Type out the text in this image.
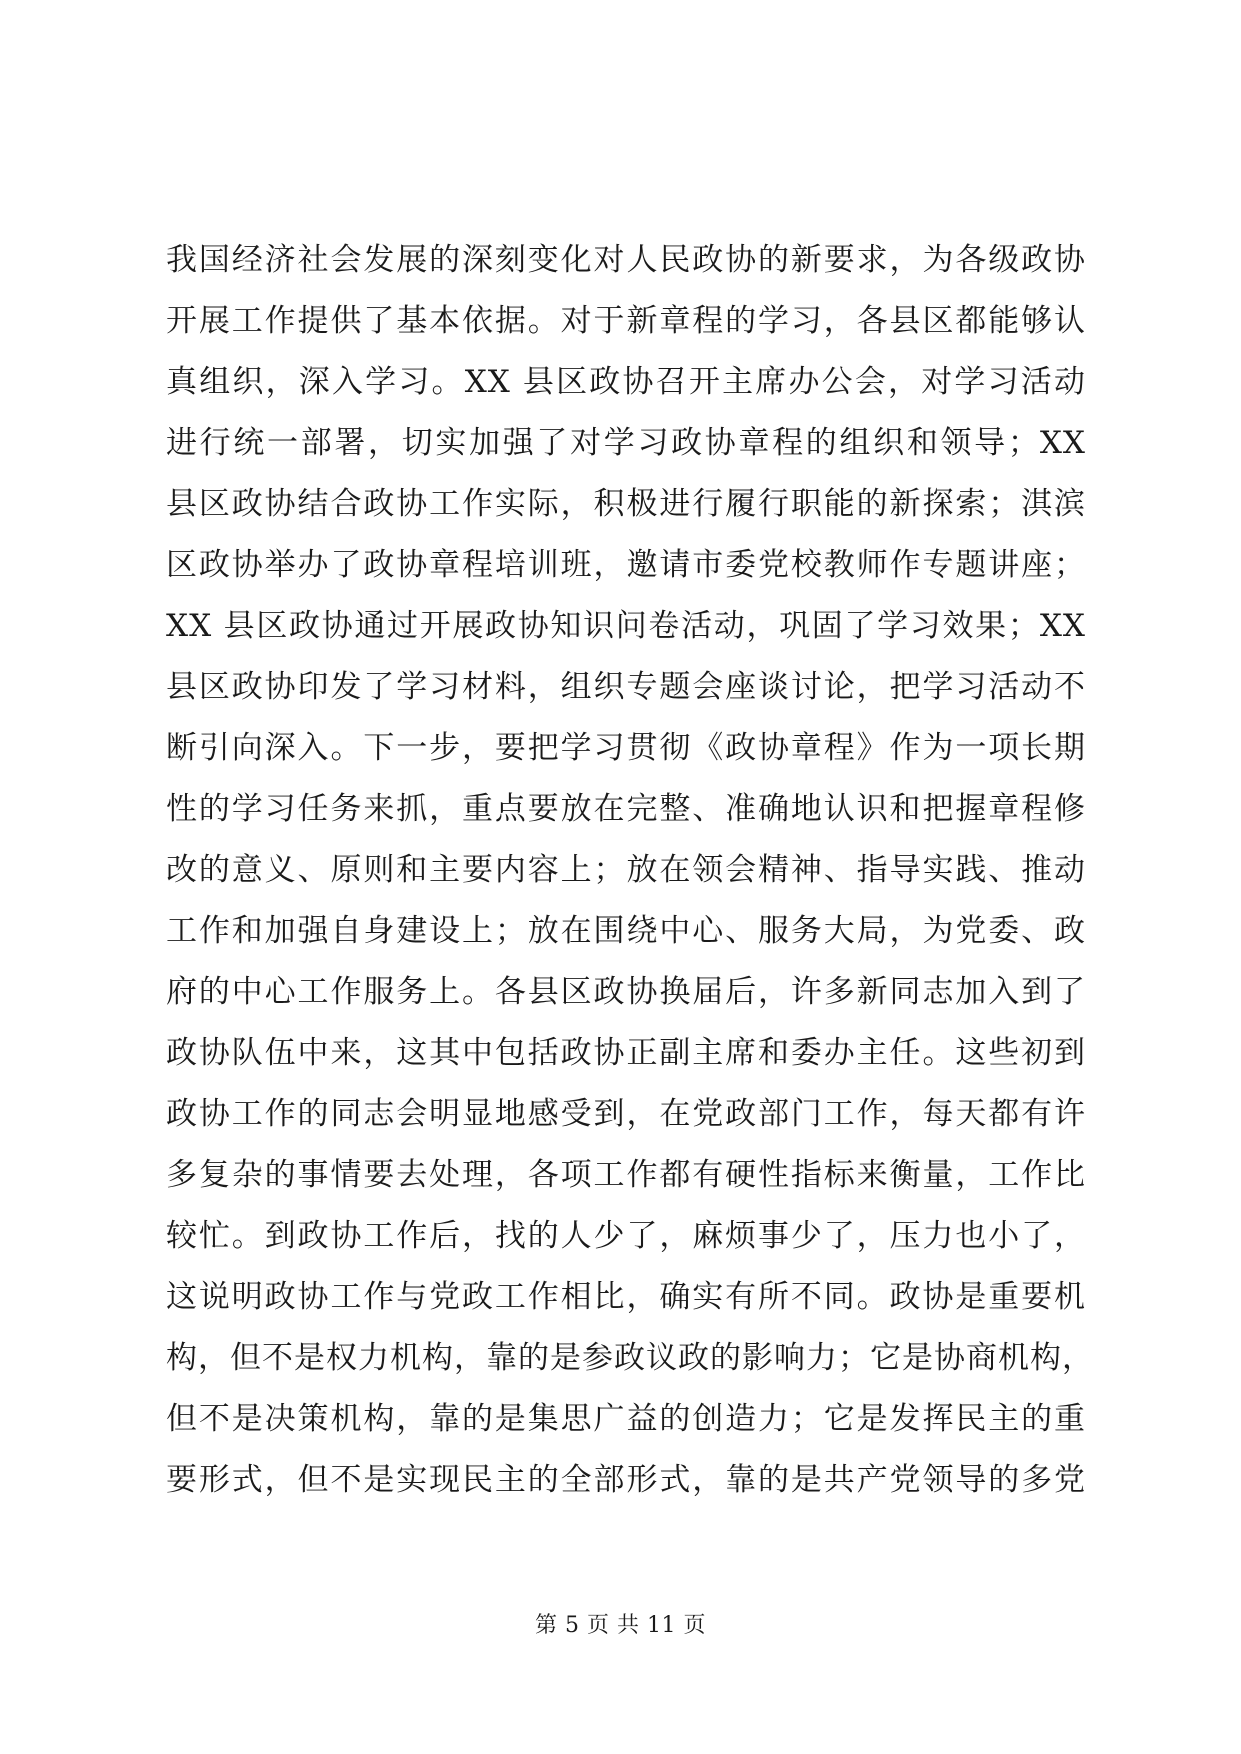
我国经济社会发展的深刻变化对人民政协的新要求，为各级政协
开展工作提供了基本依据。对于新章程的学习，各县区都能够认
真组织，深入学习。XX 县区政协召开主席办公会，对学习活动
进行统一部署，切实加强了对学习政协章程的组织和领导；XX
县区政协结合政协工作实际，积极进行履行职能的新探索；淇滨
区政协举办了政协章程培训班，邀请市委党校教师作专题讲座；
XX 县区政协通过开展政协知识问卷活动，巩固了学习效果；XX
县区政协印发了学习材料，组织专题会座谈讨论，把学习活动不
断引向深入。下一步，要把学习贯彻《政协章程》作为一项长期
性的学习任务来抓，重点要放在完整、准确地认识和把握章程修
改的意义、原则和主要内容上；放在领会精神、指导实践、推动
工作和加强自身建设上；放在围绕中心、服务大局，为党委、政
府的中心工作服务上。各县区政协换届后，许多新同志加入到了
政协队伍中来，这其中包括政协正副主席和委办主任。这些初到
政协工作的同志会明显地感受到，在党政部门工作，每天都有许
多复杂的事情要去处理，各项工作都有硬性指标来衡量，工作比
较忙。到政协工作后，找的人少了，麻烦事少了，压力也小了，
这说明政协工作与党政工作相比，确实有所不同。政协是重要机
构，但不是权力机构，靠的是参政议政的影响力；它是协商机构，
但不是决策机构，靠的是集思广益的创造力；它是发挥民主的重
要形式，但不是实现民主的全部形式，靠的是共产党领导的多党
第 5 页 共 11 页
